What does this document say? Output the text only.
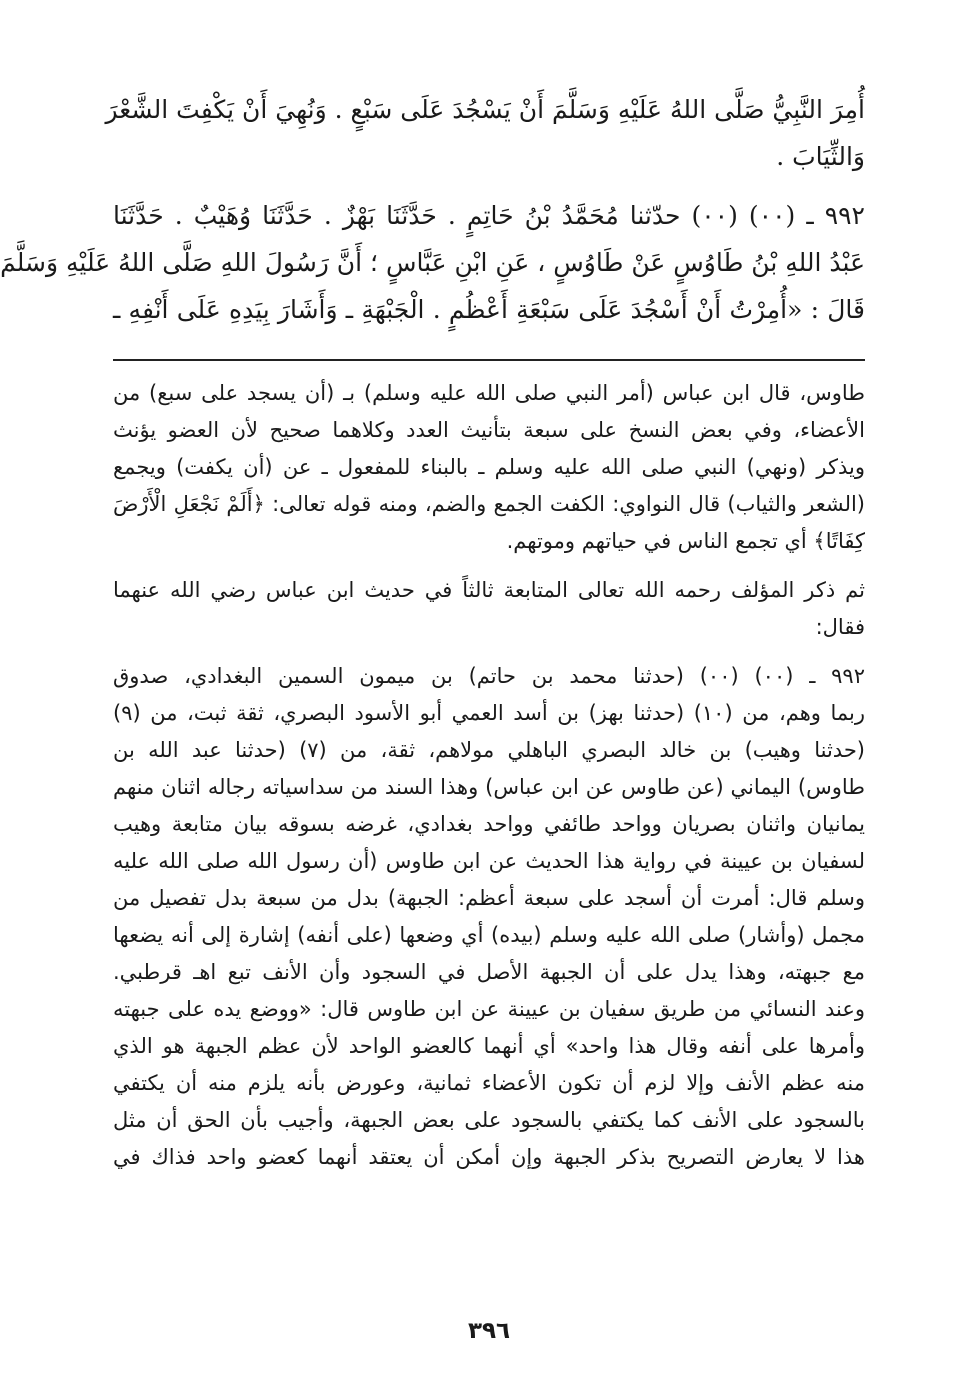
أُمِرَ النَّبِيُّ صَلَّى اللهُ عَلَيْهِ وَسَلَّمَ أَنْ يَسْجُدَ عَلَى سَبْعٍ . وَنُهِيَ أَنْ يَكْفِتَ الشَّعْرَ
وَالثِّيَابَ .
٩٩٢ ـ (٠٠) (٠٠) حدّثنا مُحَمَّدُ بْنُ حَاتِمٍ . حَدَّثَنَا بَهْزٌ . حَدَّثَنَا وُهَيْبٌ . حَدَّثَنَا
عَبْدُ اللهِ بْنُ طَاوُسٍ عَنْ طَاوُسٍ ، عَنِ ابْنِ عَبَّاسٍ ؛ أَنَّ رَسُولَ اللهِ صَلَّى اللهُ عَلَيْهِ وَسَلَّمَ
قَالَ : «أُمِرْتُ أَنْ أَسْجُدَ عَلَى سَبْعَةِ أَعْظُمٍ . الْجَبْهَةِ ـ وَأَشَارَ بِيَدِهِ عَلَى أَنْفِهِ ـ
طاوس، قال ابن عباس (أمر النبي صلى الله عليه وسلم) بـ (أن يسجد على سبع) من
الأعضاء، وفي بعض النسخ على سبعة بتأنيث العدد وكلاهما صحيح لأن العضو يؤنث
ويذكر (ونهي) النبي صلى الله عليه وسلم ـ بالبناء للمفعول ـ عن (أن يكفت) ويجمع
(الشعر والثياب) قال النواوي: الكفت الجمع والضم، ومنه قوله تعالى: ﴿أَلَمْ نَجْعَلِ الْأَرْضَ
كِفَاتًا﴾ أي تجمع الناس في حياتهم وموتهم.
ثم ذكر المؤلف رحمه الله تعالى المتابعة ثالثاً في حديث ابن عباس رضي الله عنهما
فقال:
٩٩٢ ـ (٠٠) (٠٠) (حدثنا محمد بن حاتم) بن ميمون السمين البغدادي، صدوق
ربما وهم، من (١٠) (حدثنا بهز) بن أسد العمي أبو الأسود البصري، ثقة ثبت، من (٩)
(حدثنا وهيب) بن خالد البصري الباهلي مولاهم، ثقة، من (٧) (حدثنا عبد الله بن
طاوس) اليماني (عن طاوس عن ابن عباس) وهذا السند من سداسياته رجاله اثنان منهم
يمانيان واثنان بصريان وواحد طائفي وواحد بغدادي، غرضه بسوقه بيان متابعة وهيب
لسفيان بن عيينة في رواية هذا الحديث عن ابن طاوس (أن رسول الله صلى الله عليه
وسلم قال: أمرت أن أسجد على سبعة أعظم: الجبهة) بدل من سبعة بدل تفصيل من
مجمل (وأشار) صلى الله عليه وسلم (بيده) أي وضعها (على أنفه) إشارة إلى أنه يضعها
مع جبهته، وهذا يدل على أن الجبهة الأصل في السجود وأن الأنف تبع اهـ قرطبي.
وعند النسائي من طريق سفيان بن عيينة عن ابن طاوس قال: «ووضع يده على جبهته
وأمرها على أنفه وقال هذا واحد» أي أنهما كالعضو الواحد لأن عظم الجبهة هو الذي
منه عظم الأنف وإلا لزم أن تكون الأعضاء ثمانية، وعورض بأنه يلزم منه أن يكتفي
بالسجود على الأنف كما يكتفي بالسجود على بعض الجبهة، وأجيب بأن الحق أن مثل
هذا لا يعارض التصريح بذكر الجبهة وإن أمكن أن يعتقد أنهما كعضو واحد فذاك في
٣٩٦
